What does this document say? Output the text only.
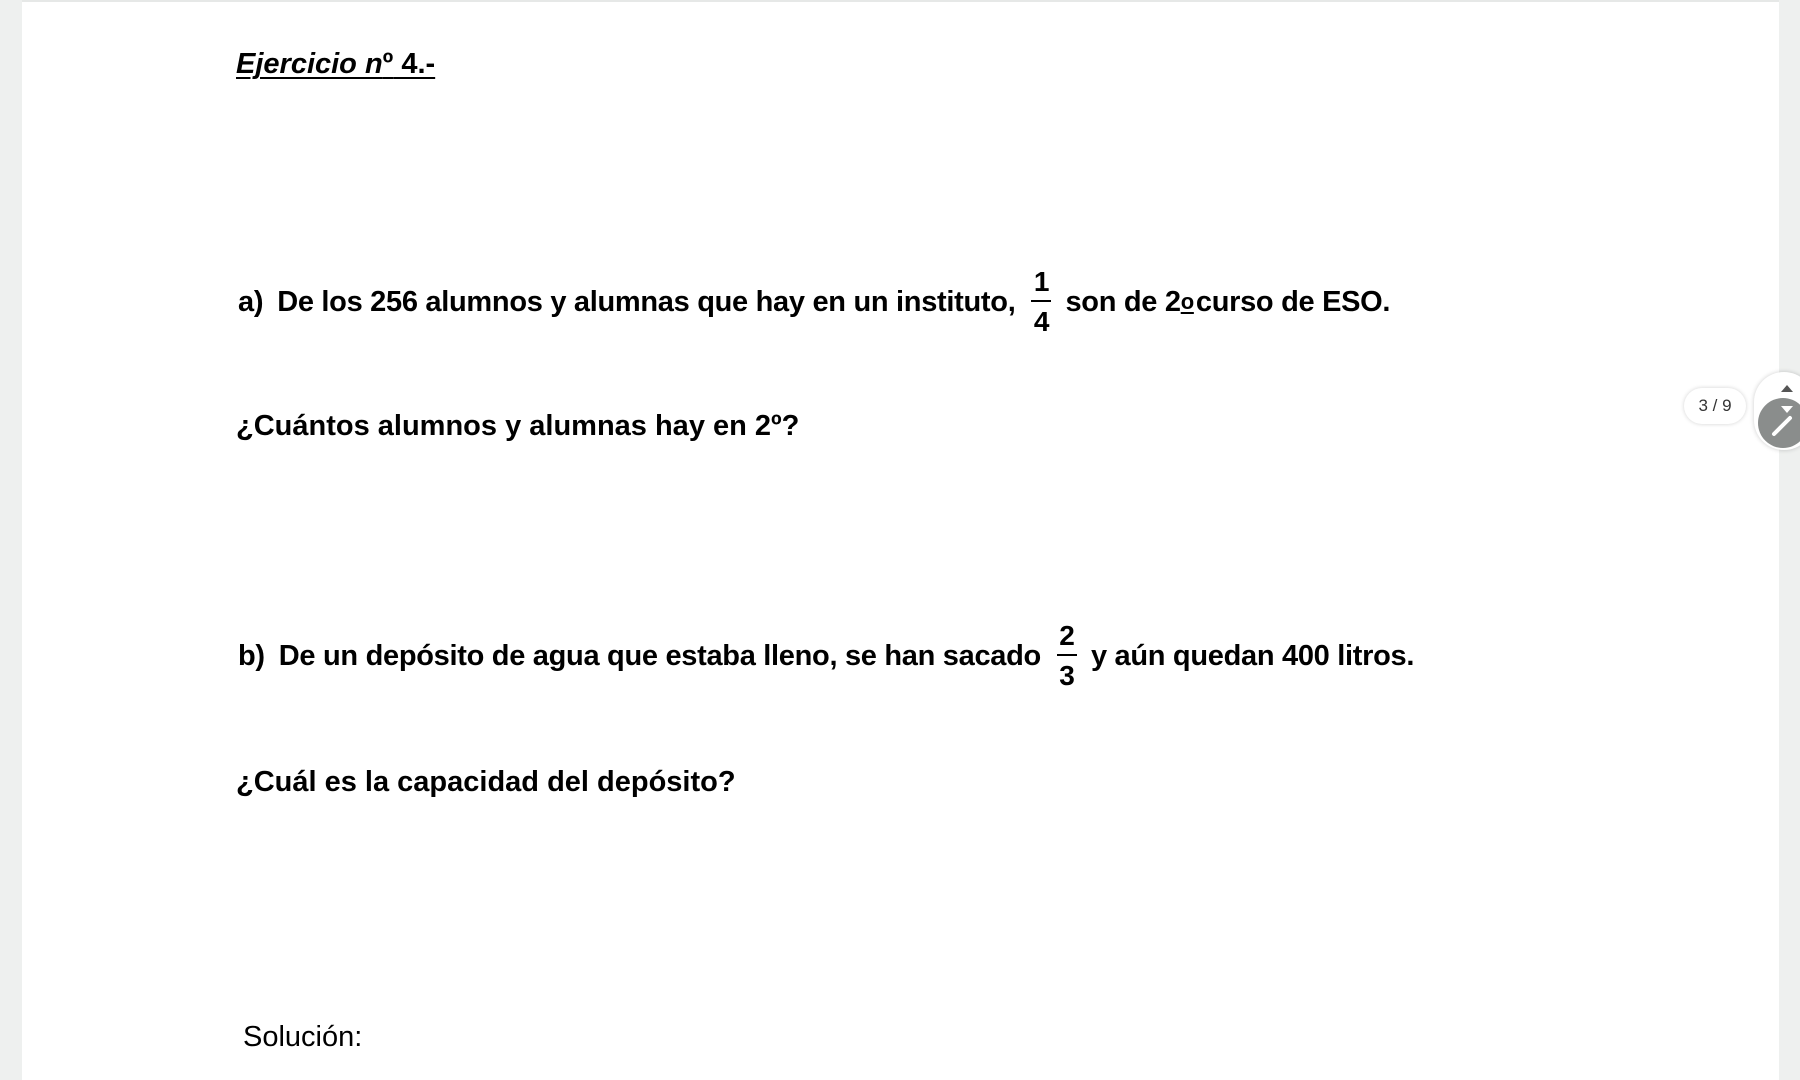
Ejercicio nº 4.-
a) De los 256 alumnos y alumnas que hay en un instituto, $\frac{1}{4}$ son de 2 o curso de ESO.
¿Cuántos alumnos y alumnas hay en 2º?
b) De un depósito de agua que estaba lleno, se han sacado $\frac{2}{3}$ y aún quedan 400 litros.
¿Cuál es la capacidad del depósito?
Solución:
3 / 9
